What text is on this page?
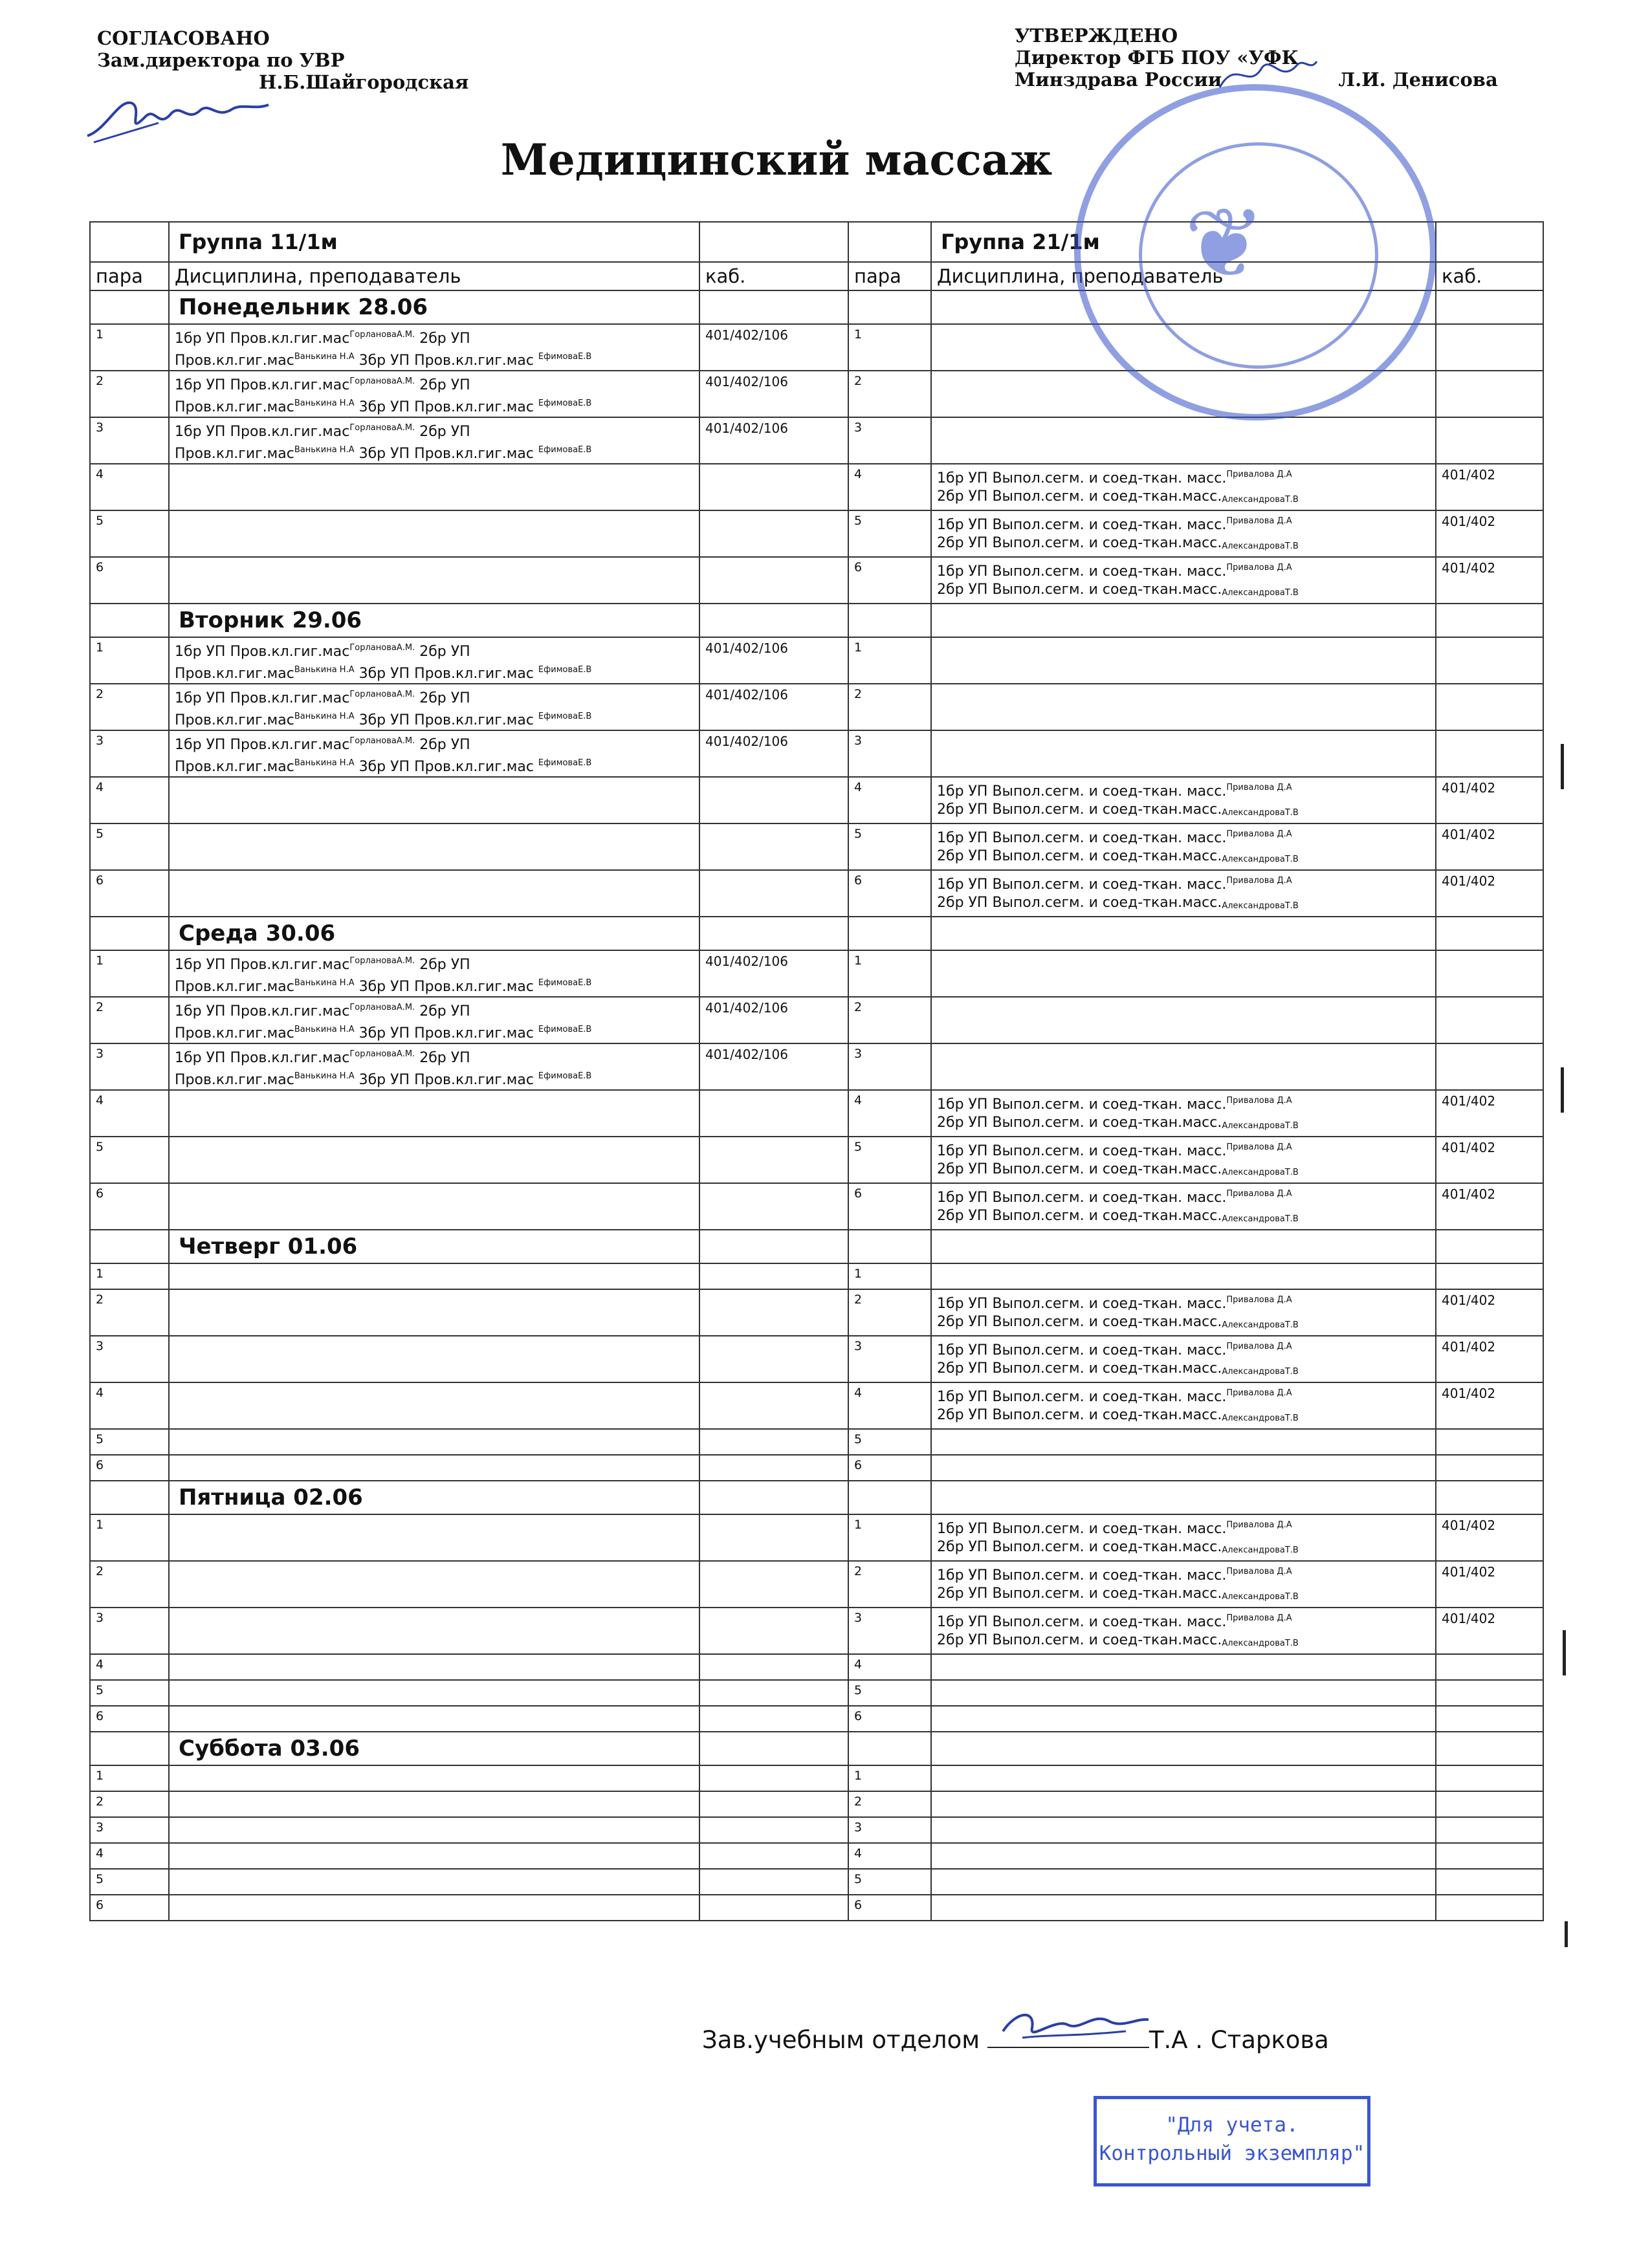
СОГЛАСОВАНО
Зам.директора по УВР
Н.Б.Шайгородская
УТВЕРЖДЕНО
Директор ФГБ ПОУ «УФК
Минздрава России	Л.И. Денисова
Медицинский массаж
	Группа 11/1м			Группа 21/1м	
пара	Дисциплина, преподаватель	каб.	пара	Дисциплина, преподаватель	каб.
	Понедельник 28.06				
1	1бр УП Пров.кл.гиг.мас$^{ГорлановаА.М.}$ 2бр УП
Пров.кл.гиг.мас$^{Ванькина Н.А}$ 3бр УП Пров.кл.гиг.мас $^{ЕфимоваЕ.В}$	401/402/106	1		
2	1бр УП Пров.кл.гиг.мас$^{ГорлановаА.М.}$ 2бр УП
Пров.кл.гиг.мас$^{Ванькина Н.А}$ 3бр УП Пров.кл.гиг.мас $^{ЕфимоваЕ.В}$	401/402/106	2		
3	1бр УП Пров.кл.гиг.мас$^{ГорлановаА.М.}$ 2бр УП
Пров.кл.гиг.мас$^{Ванькина Н.А}$ 3бр УП Пров.кл.гиг.мас $^{ЕфимоваЕ.В}$	401/402/106	3		
4			4	1бр УП Выпол.сегм. и соед-ткан. масс.$^{Привалова Д.А}$
2бр УП Выпол.сегм. и соед-$ткан.масс._{АлександроваТ.В}$	401/402
5			5	1бр УП Выпол.сегм. и соед-ткан. масс.$^{Привалова Д.А}$
2бр УП Выпол.сегм. и соед-$ткан.масс._{АлександроваТ.В}$	401/402
6			6	1бр УП Выпол.сегм. и соед-ткан. масс.$^{Привалова Д.А}$
2бр УП Выпол.сегм. и соед-$ткан.масс._{АлександроваТ.В}$	401/402
	Вторник 29.06				
1	1бр УП Пров.кл.гиг.мас$^{ГорлановаА.М.}$ 2бр УП
Пров.кл.гиг.мас$^{Ванькина Н.А}$ 3бр УП Пров.кл.гиг.мас $^{ЕфимоваЕ.В}$	401/402/106	1		
2	1бр УП Пров.кл.гиг.мас$^{ГорлановаА.М.}$ 2бр УП
Пров.кл.гиг.мас$^{Ванькина Н.А}$ 3бр УП Пров.кл.гиг.мас $^{ЕфимоваЕ.В}$	401/402/106	2		
3	1бр УП Пров.кл.гиг.мас$^{ГорлановаА.М.}$ 2бр УП
Пров.кл.гиг.мас$^{Ванькина Н.А}$ 3бр УП Пров.кл.гиг.мас $^{ЕфимоваЕ.В}$	401/402/106	3		
4			4	1бр УП Выпол.сегм. и соед-ткан. масс.$^{Привалова Д.А}$
2бр УП Выпол.сегм. и соед-$ткан.масс._{АлександроваТ.В}$	401/402
5			5	1бр УП Выпол.сегм. и соед-ткан. масс.$^{Привалова Д.А}$
2бр УП Выпол.сегм. и соед-$ткан.масс._{АлександроваТ.В}$	401/402
6			6	1бр УП Выпол.сегм. и соед-ткан. масс.$^{Привалова Д.А}$
2бр УП Выпол.сегм. и соед-$ткан.масс._{АлександроваТ.В}$	401/402
	Среда 30.06				
1	1бр УП Пров.кл.гиг.мас$^{ГорлановаА.М.}$ 2бр УП
Пров.кл.гиг.мас$^{Ванькина Н.А}$ 3бр УП Пров.кл.гиг.мас $^{ЕфимоваЕ.В}$	401/402/106	1		
2	1бр УП Пров.кл.гиг.мас$^{ГорлановаА.М.}$ 2бр УП
Пров.кл.гиг.мас$^{Ванькина Н.А}$ 3бр УП Пров.кл.гиг.мас $^{ЕфимоваЕ.В}$	401/402/106	2		
3	1бр УП Пров.кл.гиг.мас$^{ГорлановаА.М.}$ 2бр УП
Пров.кл.гиг.мас$^{Ванькина Н.А}$ 3бр УП Пров.кл.гиг.мас $^{ЕфимоваЕ.В}$	401/402/106	3		
4			4	1бр УП Выпол.сегм. и соед-ткан. масс.$^{Привалова Д.А}$
2бр УП Выпол.сегм. и соед-$ткан.масс._{АлександроваТ.В}$	401/402
5			5	1бр УП Выпол.сегм. и соед-ткан. масс.$^{Привалова Д.А}$
2бр УП Выпол.сегм. и соед-$ткан.масс._{АлександроваТ.В}$	401/402
6			6	1бр УП Выпол.сегм. и соед-ткан. масс.$^{Привалова Д.А}$
2бр УП Выпол.сегм. и соед-$ткан.масс._{АлександроваТ.В}$	401/402
	Четверг 01.06				
1			1		
2			2	1бр УП Выпол.сегм. и соед-ткан. масс.$^{Привалова Д.А}$
2бр УП Выпол.сегм. и соед-$ткан.масс._{АлександроваТ.В}$	401/402
3			3	1бр УП Выпол.сегм. и соед-ткан. масс.$^{Привалова Д.А}$
2бр УП Выпол.сегм. и соед-$ткан.масс._{АлександроваТ.В}$	401/402
4			4	1бр УП Выпол.сегм. и соед-ткан. масс.$^{Привалова Д.А}$
2бр УП Выпол.сегм. и соед-$ткан.масс._{АлександроваТ.В}$	401/402
5			5		
6			6		
	Пятница 02.06				
1			1	1бр УП Выпол.сегм. и соед-ткан. масс.$^{Привалова Д.А}$
2бр УП Выпол.сегм. и соед-$ткан.масс._{АлександроваТ.В}$	401/402
2			2	1бр УП Выпол.сегм. и соед-ткан. масс.$^{Привалова Д.А}$
2бр УП Выпол.сегм. и соед-$ткан.масс._{АлександроваТ.В}$	401/402
3			3	1бр УП Выпол.сегм. и соед-ткан. масс.$^{Привалова Д.А}$
2бр УП Выпол.сегм. и соед-$ткан.масс._{АлександроваТ.В}$	401/402
4			4		
5			5		
6			6		
	Суббота 03.06				
1			1		
2			2		
3			3		
4			4		
5			5		
6			6		
❦
Зав.учебным отделом	Т.А . Старкова
"Для учета.
Контрольный экземпляр"
